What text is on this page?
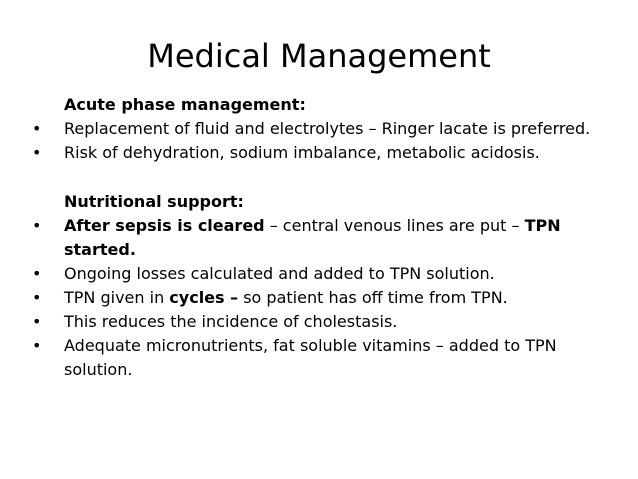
Medical Management

Acute phase management:

•	Replacement of fluid and electrolytes – Ringer lacate is preferred.

•	Risk of dehydration, sodium imbalance, metabolic acidosis.

Nutritional support:

•	After sepsis is cleared – central venous lines are put – TPN started.

•	Ongoing losses calculated and added to TPN solution.

•	TPN given in cycles – so patient has off time from TPN.

•	This reduces the incidence of cholestasis.

•	Adequate micronutrients, fat soluble vitamins – added to TPN solution.
